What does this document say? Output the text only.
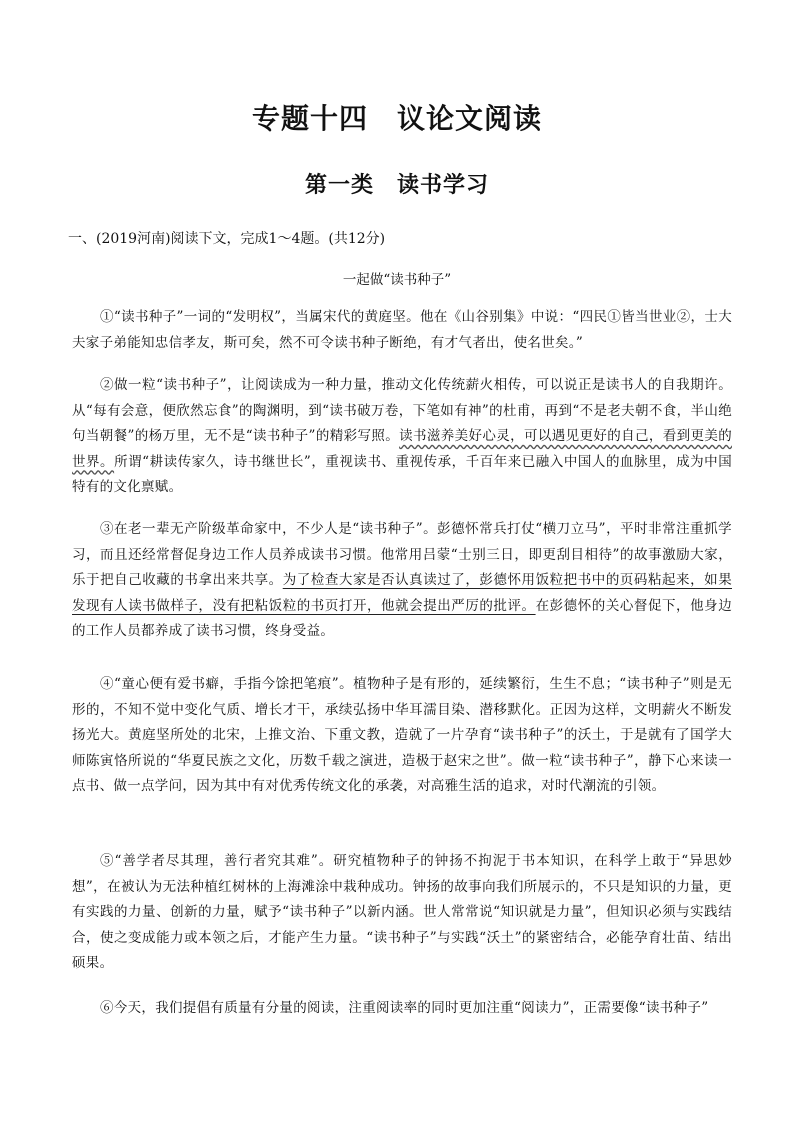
专题十四　议论文阅读
第一类　读书学习
一、(2019河南)阅读下文，完成1～4题。(共12分)
一起做“读书种子”
①“读书种子”一词的“发明权”，当属宋代的黄庭坚。他在《山谷别集》中说：“四民①皆当世业②，士大夫家子弟能知忠信孝友，斯可矣，然不可令读书种子断绝，有才气者出，使名世矣。”
②做一粒“读书种子”，让阅读成为一种力量，推动文化传统薪火相传，可以说正是读书人的自我期许。从“每有会意，便欣然忘食”的陶渊明，到“读书破万卷，下笔如有神”的杜甫，再到“不是老夫朝不食，半山绝句当朝餐”的杨万里，无不是“读书种子”的精彩写照。读书滋养美好心灵，可以遇见更好的自己，看到更美的世界。所谓“耕读传家久，诗书继世长”，重视读书、重视传承，千百年来已融入中国人的血脉里，成为中国特有的文化禀赋。
③在老一辈无产阶级革命家中，不少人是“读书种子”。彭德怀常兵打仗“横刀立马”，平时非常注重抓学习，而且还经常督促身边工作人员养成读书习惯。他常用吕蒙“士别三日，即更刮目相待”的故事激励大家，乐于把自己收藏的书拿出来共享。为了检查大家是否认真读过了，彭德怀用饭粒把书中的页码粘起来，如果发现有人读书做样子，没有把粘饭粒的书页打开，他就会提出严厉的批评。在彭德怀的关心督促下，他身边的工作人员都养成了读书习惯，终身受益。
④“童心便有爱书癖，手指今馀把笔痕”。植物种子是有形的，延续繁衍，生生不息；“读书种子”则是无形的，不知不觉中变化气质、增长才干，承续弘扬中华耳濡目染、潜移默化。正因为这样，文明薪火不断发扬光大。黄庭坚所处的北宋，上推文治、下重文教，造就了一片孕育“读书种子”的沃土，于是就有了国学大师陈寅恪所说的“华夏民族之文化，历数千载之演进，造极于赵宋之世”。做一粒“读书种子”，静下心来读一点书、做一点学问，因为其中有对优秀传统文化的承袭，对高雅生活的追求，对时代潮流的引领。
⑤“善学者尽其理，善行者究其难”。研究植物种子的钟扬不拘泥于书本知识，在科学上敢于“异思妙想”，在被认为无法种植红树林的上海滩涂中栽种成功。钟扬的故事向我们所展示的，不只是知识的力量，更有实践的力量、创新的力量，赋予“读书种子”以新内涵。世人常常说“知识就是力量”，但知识必须与实践结合，使之变成能力或本领之后，才能产生力量。“读书种子”与实践“沃土”的紧密结合，必能孕育壮苗、结出硕果。
⑥今天，我们提倡有质量有分量的阅读，注重阅读率的同时更加注重“阅读力”，正需要像“读书种子”
